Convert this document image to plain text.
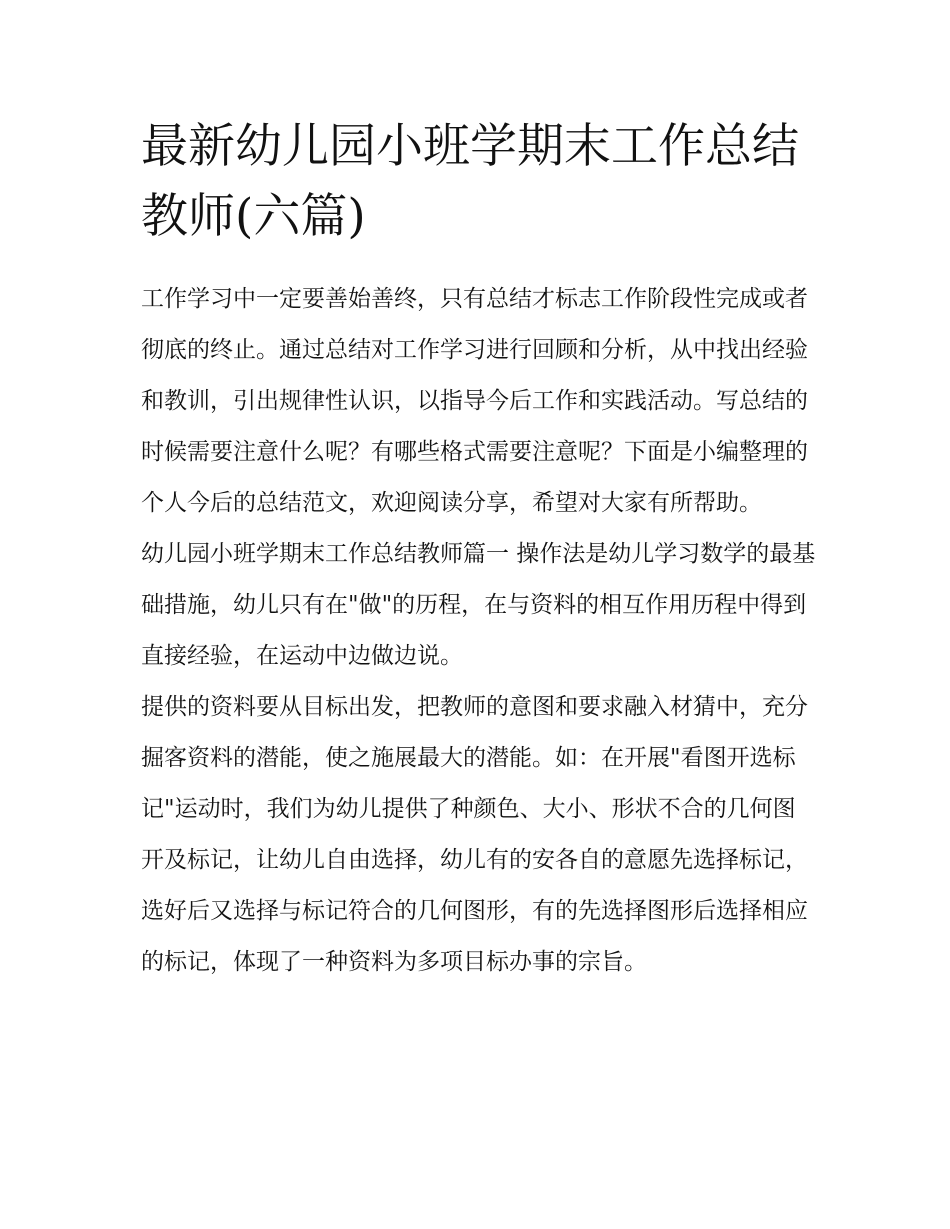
最新幼儿园小班学期末工作总结教师(六篇)

工作学习中一定要善始善终，只有总结才标志工作阶段性完成或者彻底的终止。通过总结对工作学习进行回顾和分析，从中找出经验和教训，引出规律性认识，以指导今后工作和实践活动。写总结的时候需要注意什么呢？有哪些格式需要注意呢？下面是小编整理的个人今后的总结范文，欢迎阅读分享，希望对大家有所帮助。

幼儿园小班学期末工作总结教师篇一 操作法是幼儿学习数学的最基础措施，幼儿只有在"做"的历程，在与资料的相互作用历程中得到直接经验，在运动中边做边说。

提供的资料要从目标出发，把教师的意图和要求融入材猜中，充分掘客资料的潜能，使之施展最大的潜能。如：在开展"看图开选标记"运动时，我们为幼儿提供了种颜色、大小、形状不合的几何图开及标记，让幼儿自由选择，幼儿有的安各自的意愿先选择标记，选好后又选择与标记符合的几何图形，有的先选择图形后选择相应的标记，体现了一种资料为多项目标办事的宗旨。
